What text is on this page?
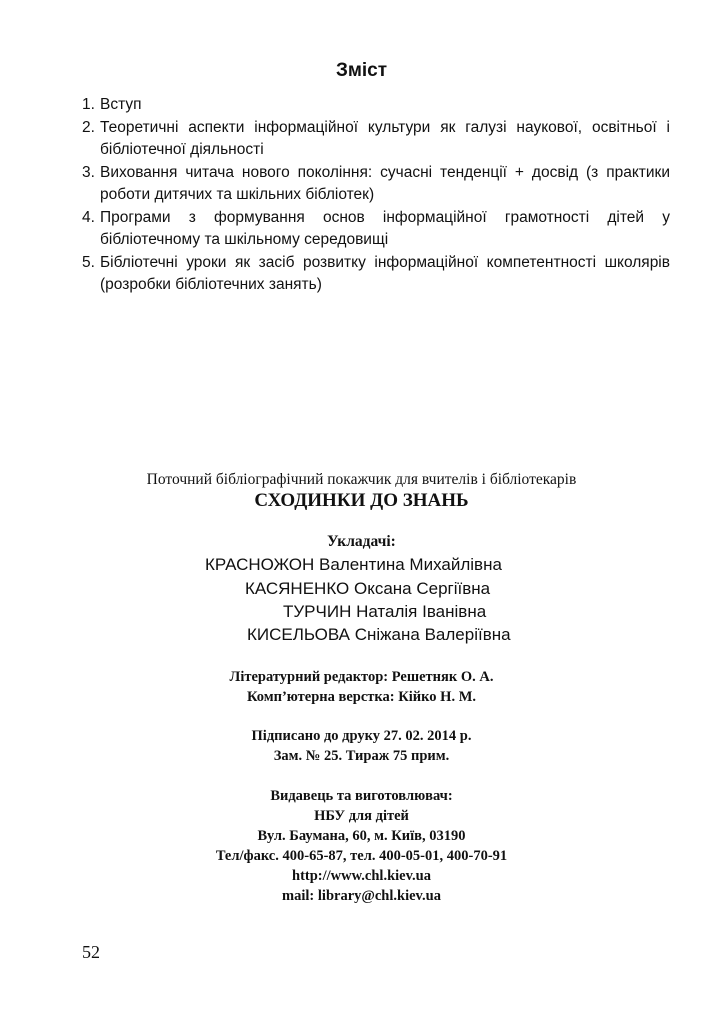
Зміст
1. Вступ
2. Теоретичні аспекти інформаційної культури як галузі наукової, освітньої і бібліотечної діяльності
3. Виховання читача нового покоління: сучасні тенденції + досвід (з практики роботи дитячих та шкільних бібліотек)
4. Програми з формування основ інформаційної грамотності дітей у бібліотечному та шкільному середовищі
5. Бібліотечні уроки як засіб розвитку інформаційної компетентності школярів (розробки бібліотечних занять)
Поточний бібліографічний покажчик для вчителів і бібліотекарів
СХОДИНКИ ДО ЗНАНЬ
Укладачі:
КРАСНОЖОН Валентина Михайлівна
КАСЯНЕНКО Оксана Сергіївна
ТУРЧИН Наталія Іванівна
КИСЕЛЬОВА Сніжана Валеріївна
Літературний редактор: Решетняк О. А.
Комп’ютерна верстка: Кійко Н. М.
Підписано до друку 27. 02. 2014 р.
Зам. № 25. Тираж 75 прим.
Видавець та виготовлювач:
НБУ для дітей
Вул. Баумана, 60, м. Київ, 03190
Тел/факс. 400-65-87, тел. 400-05-01, 400-70-91
http://www.chl.kiev.ua
mail: library@chl.kiev.ua
52
